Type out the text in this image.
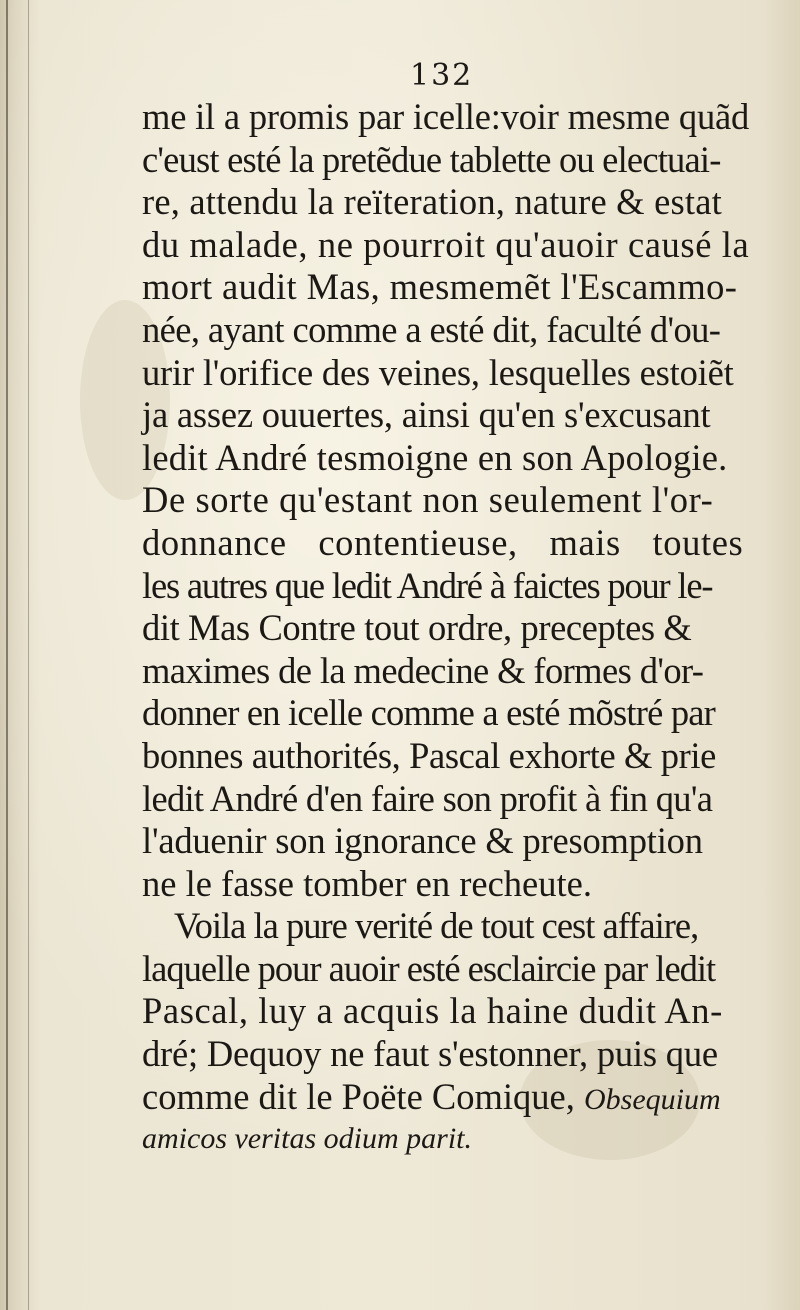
132
me il a promis par icelle:voir mesme quãd
c'eust esté la pretẽdue tablette ou electuai-
re, attendu la reïteration, nature & estat
du malade, ne pourroit qu'auoir causé la
mort audit Mas, mesmemẽt l'Escammo-
née, ayant comme a esté dit, faculté d'ou-
urir l'orifice des veines, lesquelles estoiẽt
ja assez ouuertes, ainsi qu'en s'excusant
ledit André tesmoigne en son Apologie.
De sorte qu'estant non seulement l'or-
donnance contentieuse, mais toutes
les autres que ledit André à faictes pour le-
dit Mas Contre tout ordre, preceptes &
maximes de la medecine & formes d'or-
donner en icelle comme a esté mõstré par
bonnes authorités, Pascal exhorte & prie
ledit André d'en faire son profit à fin qu'a
l'aduenir son ignorance & presomption
ne le fasse tomber en recheute.
Voila la pure verité de tout cest affaire,
laquelle pour auoir esté esclaircie par ledit
Pascal, luy a acquis la haine dudit An-
dré; Dequoy ne faut s'estonner, puis que
comme dit le Poëte Comique, Obsequium
amicos veritas odium parit.
